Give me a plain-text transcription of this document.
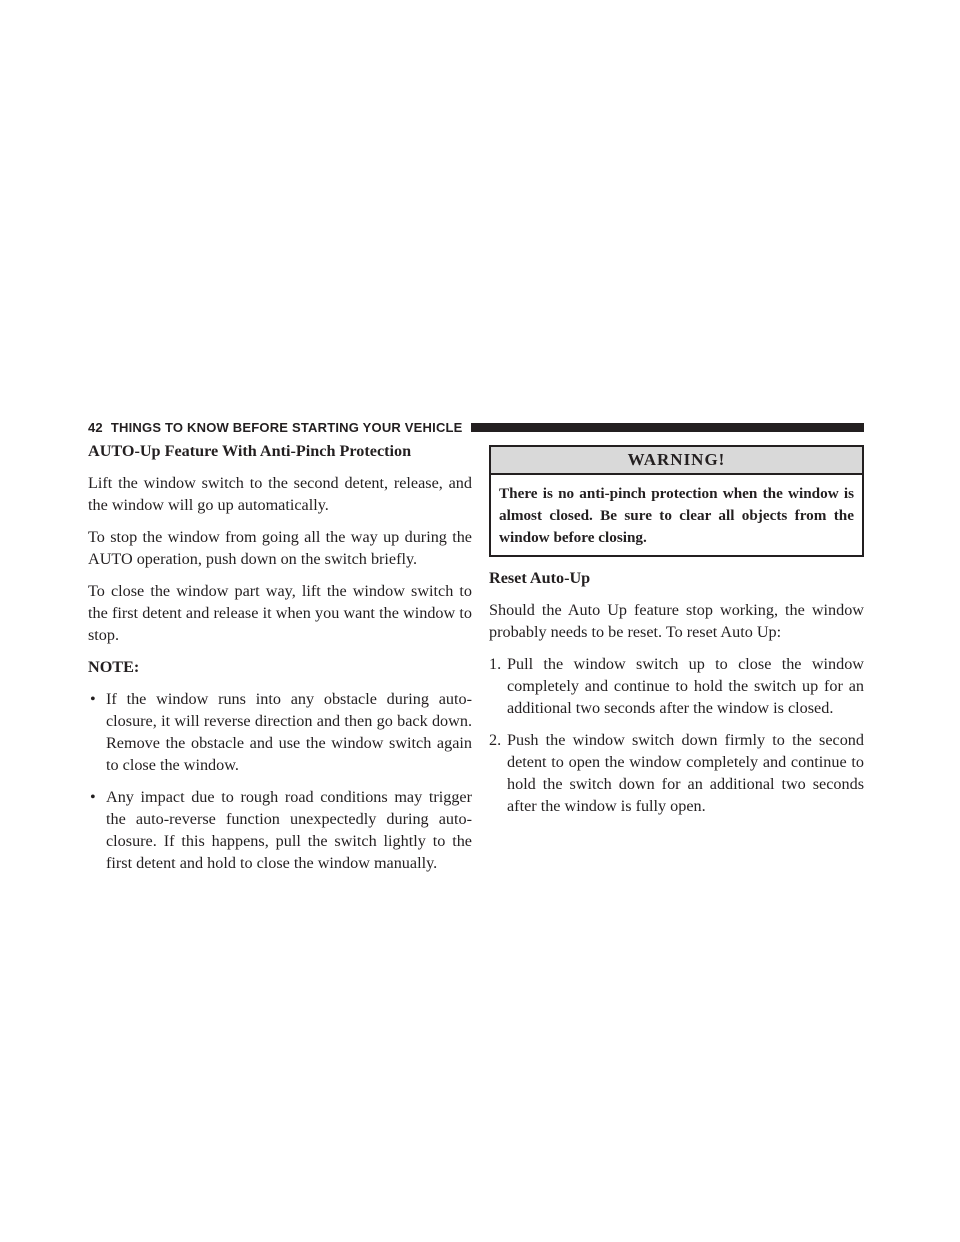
42 THINGS TO KNOW BEFORE STARTING YOUR VEHICLE
AUTO-Up Feature With Anti-Pinch Protection

Lift the window switch to the second detent, release, and the window will go up automatically.

To stop the window from going all the way up during the AUTO operation, push down on the switch briefly.

To close the window part way, lift the window switch to the first detent and release it when you want the window to stop.

NOTE:
• If the window runs into any obstacle during auto-closure, it will reverse direction and then go back down. Remove the obstacle and use the window switch again to close the window.
• Any impact due to rough road conditions may trigger the auto-reverse function unexpectedly during auto-closure. If this happens, pull the switch lightly to the first detent and hold to close the window manually.
WARNING!
There is no anti-pinch protection when the window is almost closed. Be sure to clear all objects from the window before closing.
Reset Auto-Up

Should the Auto Up feature stop working, the window probably needs to be reset. To reset Auto Up:

1. Pull the window switch up to close the window completely and continue to hold the switch up for an additional two seconds after the window is closed.
2. Push the window switch down firmly to the second detent to open the window completely and continue to hold the switch down for an additional two seconds after the window is fully open.
